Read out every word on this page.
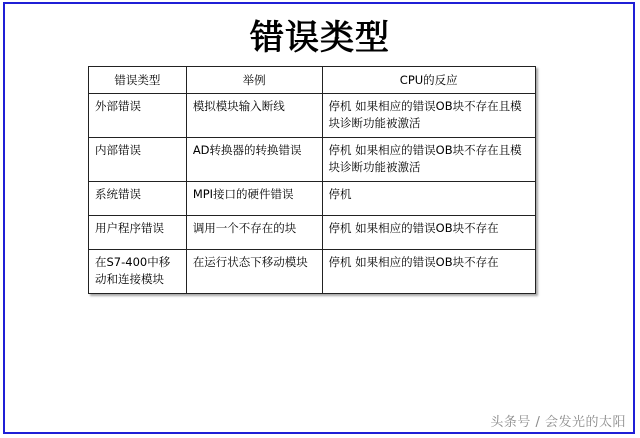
错误类型
错误类型	举例	CPU的反应
外部错误	模拟模块输入断线	停机 如果相应的错误OB块不存在且模块诊断功能被激活
内部错误	AD转换器的转换错误	停机 如果相应的错误OB块不存在且模块诊断功能被激活
系统错误	MPI接口的硬件错误	停机
用户程序错误	调用一个不存在的块	停机 如果相应的错误OB块不存在
在S7-400中移动和连接模块	在运行状态下移动模块	停机 如果相应的错误OB块不存在
头条号 / 会发光的太阳
